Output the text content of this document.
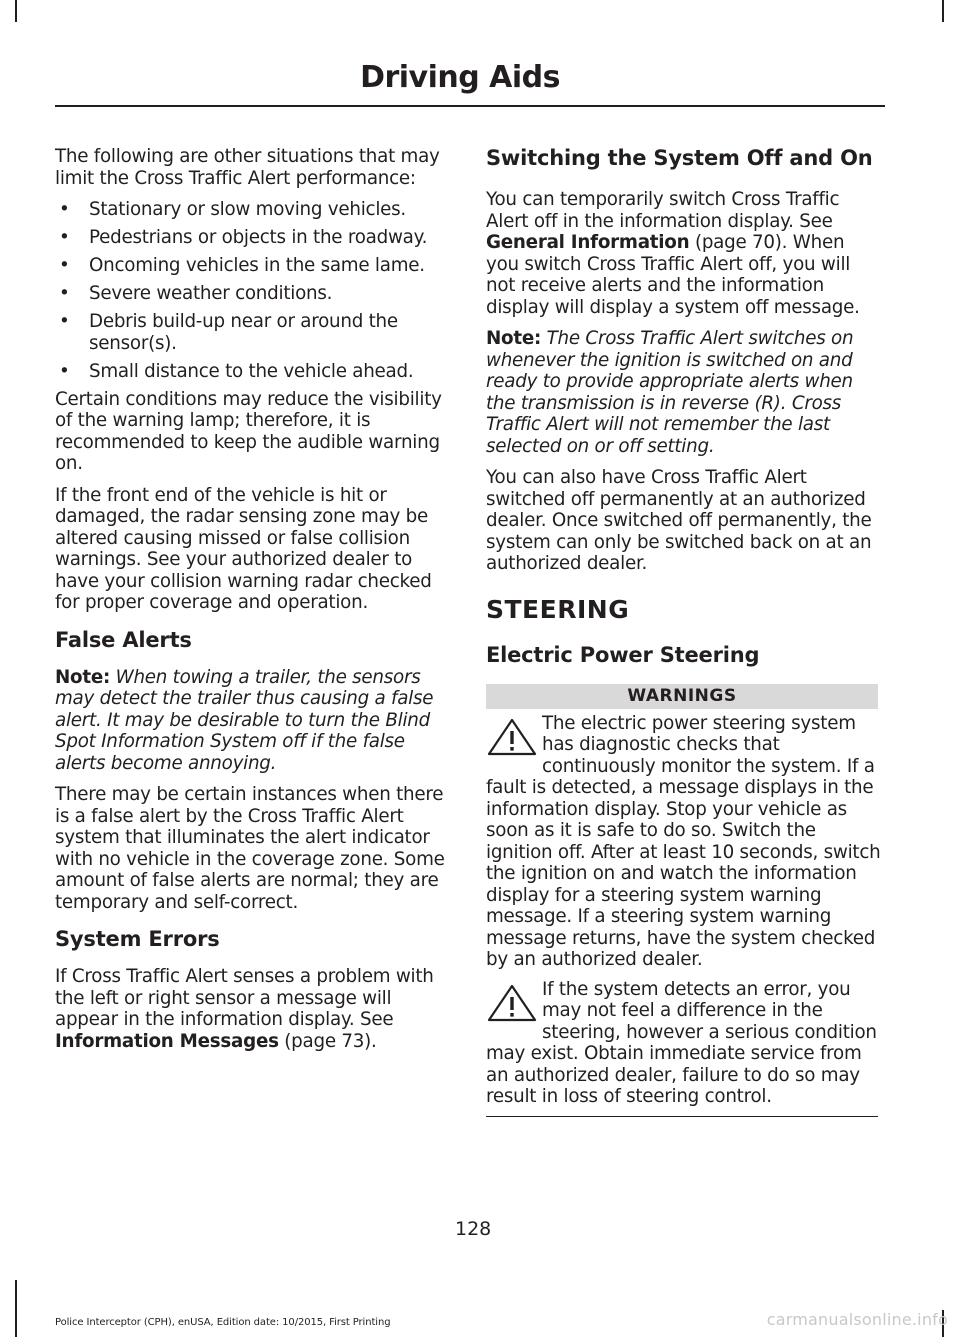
Driving Aids

The following are other situations that may limit the Cross Traffic Alert performance:

• Stationary or slow moving vehicles.
• Pedestrians or objects in the roadway.
• Oncoming vehicles in the same lame.
• Severe weather conditions.
• Debris build-up near or around the sensor(s).
• Small distance to the vehicle ahead.

Certain conditions may reduce the visibility of the warning lamp; therefore, it is recommended to keep the audible warning on.

If the front end of the vehicle is hit or damaged, the radar sensing zone may be altered causing missed or false collision warnings. See your authorized dealer to have your collision warning radar checked for proper coverage and operation.

False Alerts

Note: When towing a trailer, the sensors may detect the trailer thus causing a false alert. It may be desirable to turn the Blind Spot Information System off if the false alerts become annoying.

There may be certain instances when there is a false alert by the Cross Traffic Alert system that illuminates the alert indicator with no vehicle in the coverage zone. Some amount of false alerts are normal; they are temporary and self-correct.

System Errors

If Cross Traffic Alert senses a problem with the left or right sensor a message will appear in the information display. See Information Messages (page 73).

Switching the System Off and On

You can temporarily switch Cross Traffic Alert off in the information display. See General Information (page 70). When you switch Cross Traffic Alert off, you will not receive alerts and the information display will display a system off message.

Note: The Cross Traffic Alert switches on whenever the ignition is switched on and ready to provide appropriate alerts when the transmission is in reverse (R). Cross Traffic Alert will not remember the last selected on or off setting.

You can also have Cross Traffic Alert switched off permanently at an authorized dealer. Once switched off permanently, the system can only be switched back on at an authorized dealer.

STEERING
Electric Power Steering
WARNINGS
The electric power steering system has diagnostic checks that continuously monitor the system. If a fault is detected, a message displays in the information display. Stop your vehicle as soon as it is safe to do so. Switch the ignition off. After at least 10 seconds, switch the ignition on and watch the information display for a steering system warning message. If a steering system warning message returns, have the system checked by an authorized dealer.
If the system detects an error, you may not feel a difference in the steering, however a serious condition may exist. Obtain immediate service from an authorized dealer, failure to do so may result in loss of steering control.
128
Police Interceptor (CPH), enUSA, Edition date: 10/2015, First Printing	carmanualsonline.info
